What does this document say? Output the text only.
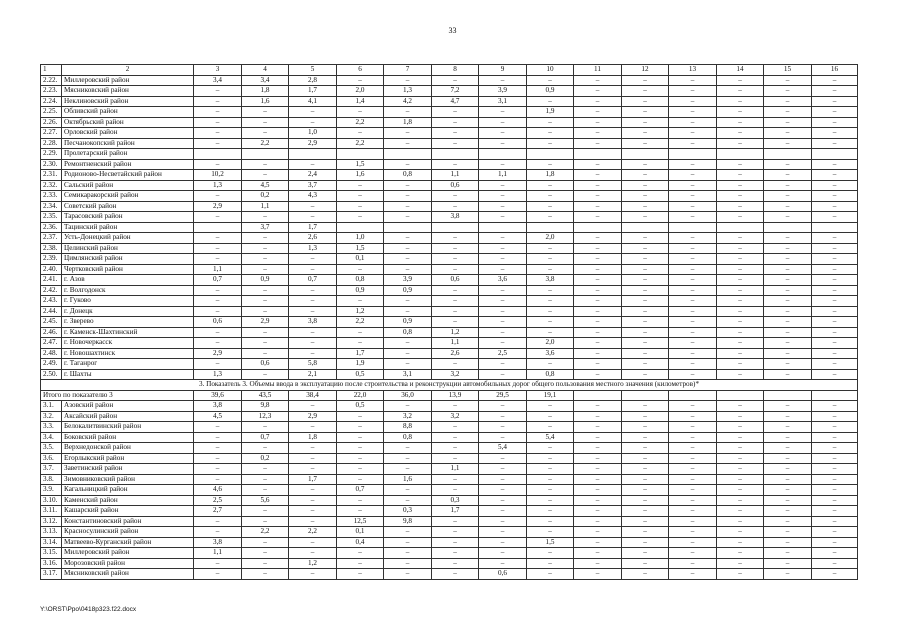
33
1	2	3	4	5	6	7	8	9	10	11	12	13	14	15	16	
2.22.	Миллеровский район	3,4	3,4	2,8	–	–	–	–	–	–	–	–	–	–	–	
2.23.	Мясниковский район	–	1,8	1,7	2,0	1,3	7,2	3,9	0,9	–	–	–	–	–	–	
2.24.	Неклиновский район	–	1,6	4,1	1,4	4,2	4,7	3,1	–	–	–	–	–	–	–	
2.25.	Обливский район	–	–	–	–	–	–	–	1,9	–	–	–	–	–	–	
2.26.	Октябрьский район	–	–	–	2,2	1,8	–	–	–	–	–	–	–	–	–	
2.27.	Орловский район	–	–	1,0	–	–	–	–	–	–	–	–	–	–	–	
2.28.	Песчанокопский район	–	2,2	2,9	2,2	–	–	–	–	–	–	–	–	–	–	
2.29.	Пролетарский район															
2.30.	Ремонтненский район	–	–	–	1,5	–	–	–	–	–	–	–	–	–	–	
2.31.	Родионово-Несветайский район	10,2	–	2,4	1,6	0,8	1,1	1,1	1,8	–	–	–	–	–	–	
2.32.	Сальский район	1,3	4,5	3,7	–	–	0,6	–	–	–	–	–	–	–	–	
2.33.	Семикаракорский район	–	0,2	4,3	–	–	–	–	–	–	–	–	–	–	–	
2.34.	Советский район	2,9	1,1	–	–	–	–	–	–	–	–	–	–	–	–	
2.35.	Тарасовский район	–	–	–	–	–	3,8	–	–	–	–	–	–	–	–	
2.36.	Тацинский район		3,7	1,7												
2.37.	Усть-Донецкий район	–	–	2,6	1,0	–	–	–	2,0	–	–	–	–	–	–	
2.38.	Целинский район	–	–	1,3	1,5	–	–	–	–	–	–	–	–	–	–	
2.39.	Цимлянский район	–	–	–	0,1	–	–	–	–	–	–	–	–	–	–	
2.40.	Чертковский район	1,1	–	–	–	–	–	–	–	–	–	–	–	–	–	
2.41.	г. Азов	0,7	0,9	0,7	0,8	3,9	0,6	3,6	3,8	–	–	–	–	–	–	
2.42.	г. Волгодонск	–	–	–	0,9	0,9	–	–	–	–	–	–	–	–	–	
2.43.	г. Гуково	–	–	–	–	–	–	–	–	–	–	–	–	–	–	
2.44.	г. Донецк	–	–	–	1,2	–	–	–	–	–	–	–	–	–	–	
2.45.	г. Зверево	0,6	2,9	3,8	2,2	0,9	–	–	–	–	–	–	–	–	–	
2.46.	г. Каменск-Шахтинский	–	–	–	–	0,8	1,2	–	–	–	–	–	–	–	–	
2.47.	г. Новочеркасск	–	–	–	–	–	1,1	–	2,0	–	–	–	–	–	–	
2.48.	г. Новошахтинск	2,9	–	–	1,7	–	2,6	2,5	3,6	–	–	–	–	–	–	
2.49.	г. Таганрог	–	0,6	5,8	1,9	–	–	–	–	–	–	–	–	–	–	
2.50.	г. Шахты	1,3	–	2,1	0,5	3,1	3,2	–	0,8	–	–	–	–	–	–	
3. Показатель 3. Объемы ввода в эксплуатацию после строительства и реконструкции автомобильных дорог общего пользования местного значения (километров)*																
Итого по показателю 3		39,6	43,5	38,4	22,0	36,0	13,9	29,5	19,1							
3.1.	Азовский район	3,8	9,8	–	0,5	–	–	–	–	–	–	–	–	–	–	
3.2.	Аксайский район	4,5	12,3	2,9	–	3,2	3,2	–	–	–	–	–	–	–	–	
3.3.	Белокалитвинский район	–	–	–	–	8,8	–	–	–	–	–	–	–	–	–	
3.4.	Боковский район	–	0,7	1,8	–	0,8	–	–	5,4	–	–	–	–	–	–	
3.5.	Верхнедонской район	–	–	–	–	–	–	5,4	–	–	–	–	–	–	–	
3.6.	Егорлыкский район	–	0,2	–	–	–	–	–	–	–	–	–	–	–	–	
3.7.	Заветинский район	–	–	–	–	–	1,1	–	–	–	–	–	–	–	–	
3.8.	Зимовниковский район	–	–	1,7	–	1,6	–	–	–	–	–	–	–	–	–	
3.9.	Кагальницкий район	4,6	–	–	0,7	–	–	–	–	–	–	–	–	–	–	
3.10.	Каменский район	2,5	5,6	–	–	–	0,3	–	–	–	–	–	–	–	–	
3.11.	Кашарский район	2,7	–	–	–	0,3	1,7	–	–	–	–	–	–	–	–	
3.12.	Константиновский район	–	–	–	12,5	9,8	–	–	–	–	–	–	–	–	–	
3.13.	Красносулинский район	–	2,2	2,2	0,1	–	–	–	–	–	–	–	–	–	–	
3.14.	Матвеево-Курганский район	3,8	–	–	0,4	–	–	–	1,5	–	–	–	–	–	–	
3.15.	Миллеровский район	1,1	–	–	–	–	–	–	–	–	–	–	–	–	–	
3.16.	Морозовский район	–	–	1,2	–	–	–	–	–	–	–	–	–	–	–	
3.17.	Мясниковский район	–	–	–	–	–	–	0,6	–	–	–	–	–	–	–	
Y:\ORST\Ppo\0418p323.f22.docx
